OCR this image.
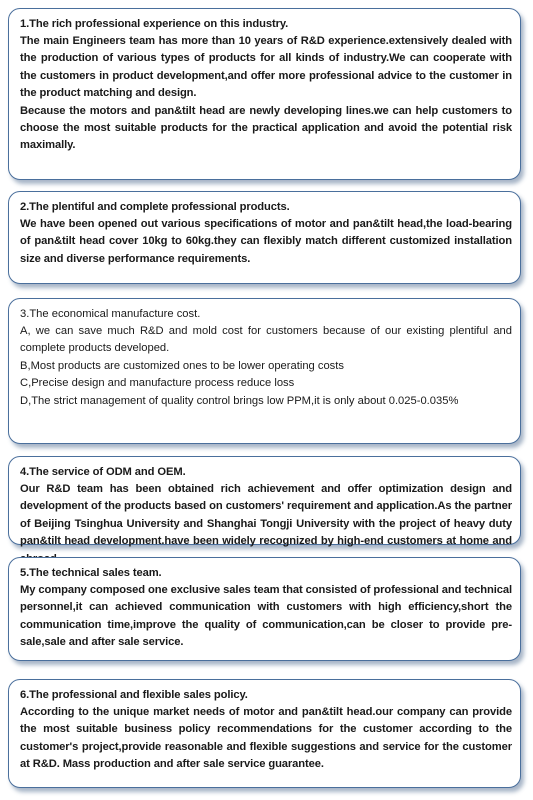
1.The rich professional experience on this industry.

The main Engineers team has more than 10 years of R&D experience.extensively dealed with the production of various types of products for all kinds of industry.We can cooperate with the customers in product development,and offer more professional advice to the customer in the product matching and design.

Because the motors and pan&tilt head are newly developing lines.we can help customers to choose the most suitable products for the practical application and avoid the potential risk maximally.

2.The plentiful and complete professional products.

We have been opened out various specifications of motor and pan&tilt head,the load-bearing of pan&tilt head cover 10kg to 60kg.they can flexibly match different customized installation size and diverse performance requirements.

3.The economical manufacture cost.

A, we can save much R&D and mold cost for customers because of our existing plentiful and complete products developed.

B,Most products are customized ones to be lower operating costs

C,Precise design and manufacture process reduce loss

D,The strict management of quality control brings low PPM,it is only about 0.025-0.035%

4.The service of ODM and OEM.

Our R&D team has been obtained rich achievement and offer optimization design and development of the products based on customers' requirement and application.As the partner of Beijing Tsinghua University and Shanghai Tongji University with the project of heavy duty pan&tilt head development.have been widely recognized by high-end customers at home and

5.The technical sales team.

My company composed one exclusive sales team that consisted of professional and technical personnel,it can achieved communication with customers with high efficiency,short the communication time,improve the quality of communication,can be closer to provide pre-sale,sale and after sale service.

6.The professional and flexible sales policy.

According to the unique market needs of motor and pan&tilt head.our company can provide the most suitable business policy recommendations for the customer according to the customer's project,provide reasonable and flexible suggestions and service for the customer at R&D. Mass production and after sale service guarantee.
